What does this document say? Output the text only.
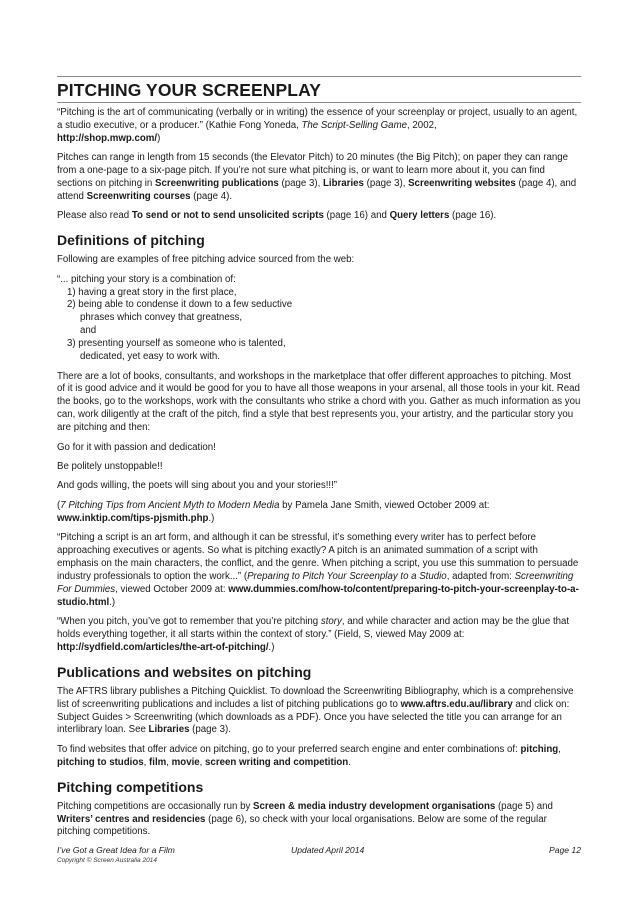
PITCHING YOUR SCREENPLAY

“Pitching is the art of communicating (verbally or in writing) the essence of your screenplay or project, usually to an agent, a studio executive, or a producer.” (Kathie Fong Yoneda, The Script-Selling Game, 2002,
http://shop.mwp.com/)

Pitches can range in length from 15 seconds (the Elevator Pitch) to 20 minutes (the Big Pitch); on paper they can range from a one-page to a six-page pitch. If you’re not sure what pitching is, or want to learn more about it, you can find sections on pitching in Screenwriting publications (page 3), Libraries (page 3), Screenwriting websites (page 4), and attend Screenwriting courses (page 4).

Please also read To send or not to send unsolicited scripts (page 16) and Query letters (page 16).

Definitions of pitching

Following are examples of free pitching advice sourced from the web:

“... pitching your story is a combination of:
1) having a great story in the first place,
2) being able to condense it down to a few seductive
phrases which convey that greatness,
and
3) presenting yourself as someone who is talented,
dedicated, yet easy to work with.

There are a lot of books, consultants, and workshops in the marketplace that offer different approaches to pitching. Most of it is good advice and it would be good for you to have all those weapons in your arsenal, all those tools in your kit. Read the books, go to the workshops, work with the consultants who strike a chord with you. Gather as much information as you can, work diligently at the craft of the pitch, find a style that best represents you, your artistry, and the particular story you are pitching and then:

Go for it with passion and dedication!

Be politely unstoppable!!

And gods willing, the poets will sing about you and your stories!!!”

(7 Pitching Tips from Ancient Myth to Modern Media by Pamela Jane Smith, viewed October 2009 at:
www.inktip.com/tips-pjsmith.php.)

“Pitching a script is an art form, and although it can be stressful, it’s something every writer has to perfect before approaching executives or agents. So what is pitching exactly? A pitch is an animated summation of a script with emphasis on the main characters, the conflict, and the genre. When pitching a script, you use this summation to persuade industry professionals to option the work...” (Preparing to Pitch Your Screenplay to a Studio, adapted from: Screenwriting For Dummies, viewed October 2009 at: www.dummies.com/how-to/content/preparing-to-pitch-your-screenplay-to-a-studio.html.)

“When you pitch, you’ve got to remember that you’re pitching story, and while character and action may be the glue that holds everything together, it all starts within the context of story.” (Field, S, viewed May 2009 at: http://sydfield.com/articles/the-art-of-pitching/.)

Publications and websites on pitching

The AFTRS library publishes a Pitching Quicklist. To download the Screenwriting Bibliography, which is a comprehensive list of screenwriting publications and includes a list of pitching publications go to www.aftrs.edu.au/library and click on: Subject Guides > Screenwriting (which downloads as a PDF). Once you have selected the title you can arrange for an interlibrary loan. See Libraries (page 3).

To find websites that offer advice on pitching, go to your preferred search engine and enter combinations of: pitching, pitching to studios, film, movie, screen writing and competition.

Pitching competitions

Pitching competitions are occasionally run by Screen & media industry development organisations (page 5) and Writers’ centres and residencies (page 6), so check with your local organisations. Below are some of the regular pitching competitions.

I’ve Got a Great Idea for a Film	Updated April 2014	Page 12
Copyright © Screen Australia 2014
